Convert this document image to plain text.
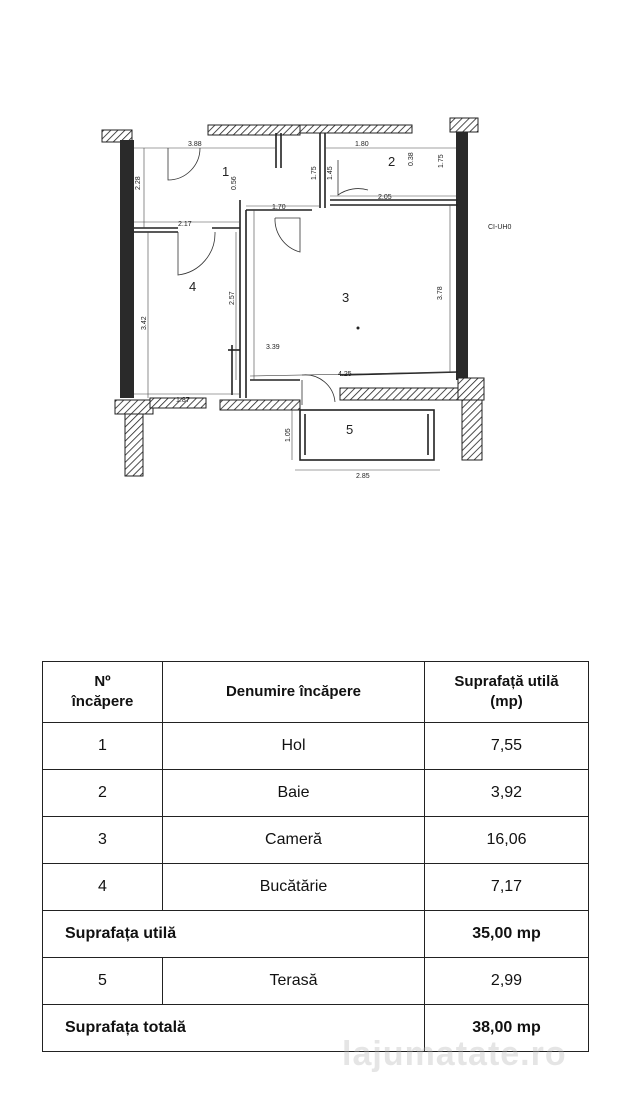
3.88	1.80
2.28	0.56
1.75 1.45
0.38	1.75
1.70
2.05
2.17
3.42
2.57	3.78
3.39
4.25
1.87
1.05
2.85
CI-UH0
1
2
3
4
5
Nº
încăpere	Denumire încăpere	Suprafață utilă
(mp)
1	Hol	7,55
2	Baie	3,92
3	Cameră	16,06
4	Bucătărie	7,17
Suprafața utilă		35,00 mp
5	Terasă	2,99
Suprafața totală		38,00 mp
lajumatate.ro
